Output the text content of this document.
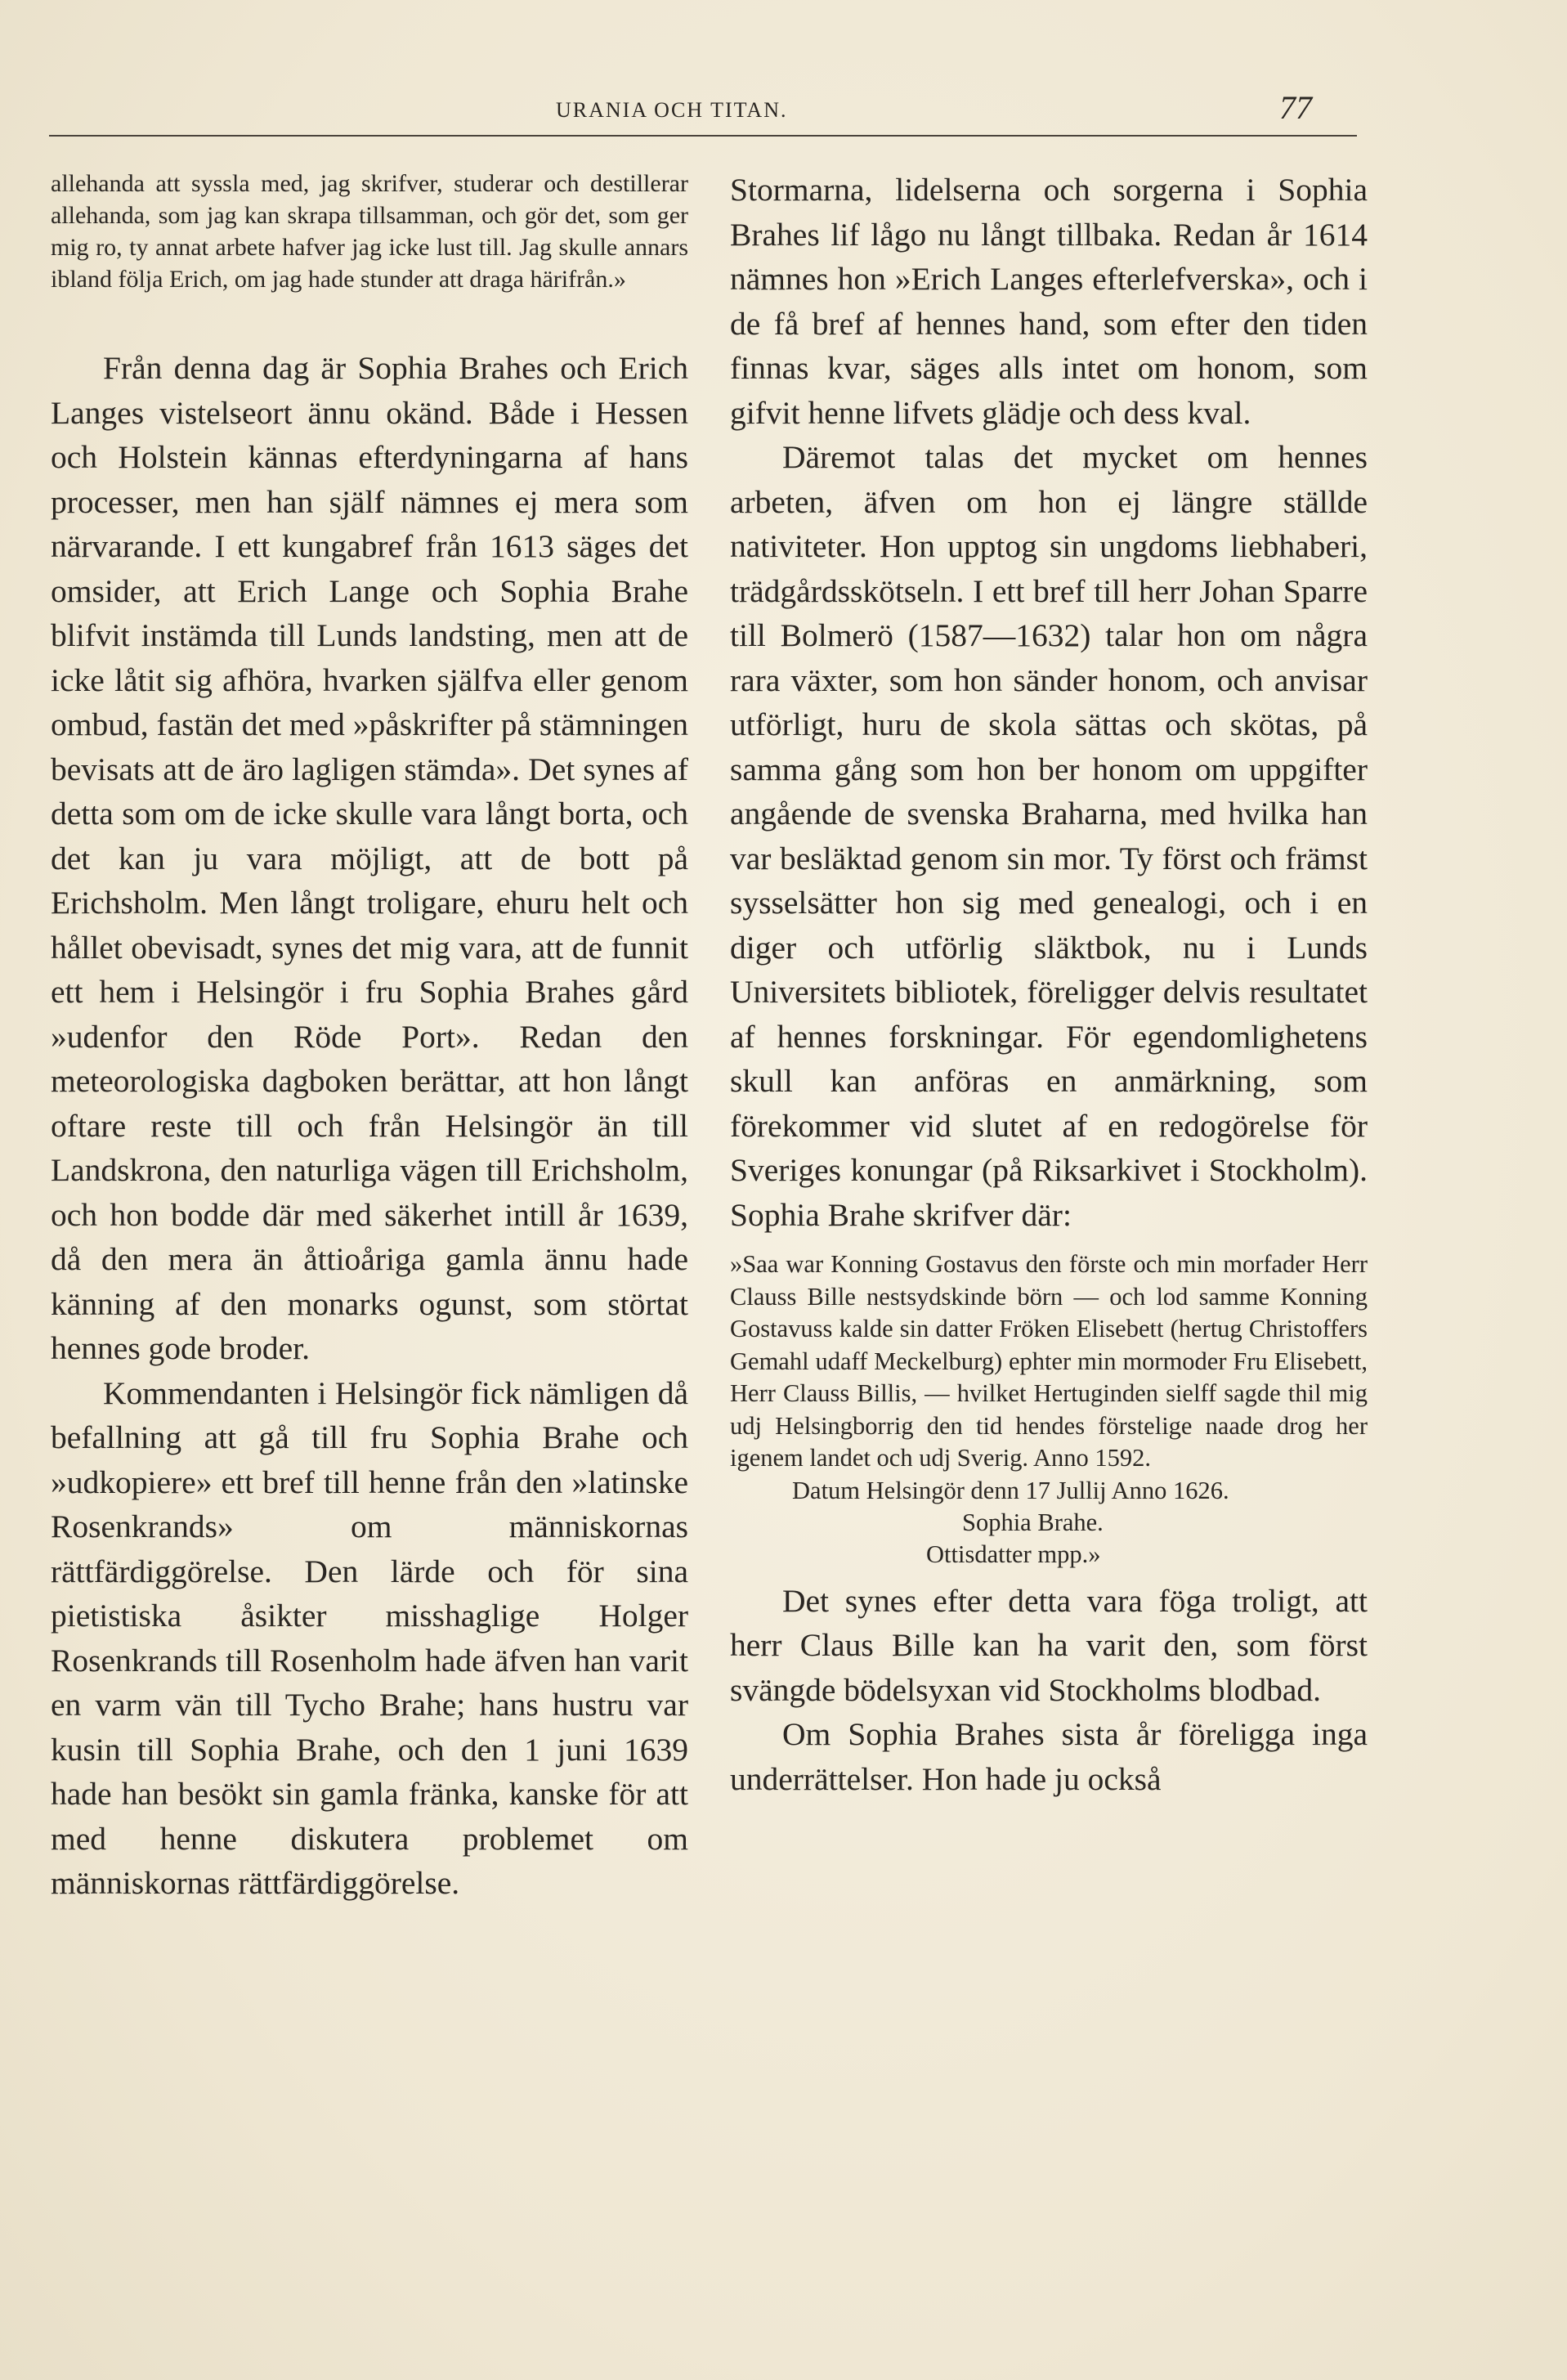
URANIA OCH TITAN.	77

allehanda att syssla med, jag skrifver, studerar och destillerar allehanda, som jag kan skrapa tillsamman, och gör det, som ger mig ro, ty annat arbete hafver jag icke lust till. Jag skulle annars ibland följa Erich, om jag hade stunder att draga härifrån.»

Från denna dag är Sophia Brahes och Erich Langes vistelseort ännu okänd. Både i Hessen och Holstein kännas efterdyningarna af hans processer, men han själf nämnes ej mera som närvarande. I ett kungabref från 1613 säges det omsider, att Erich Lange och Sophia Brahe blifvit instämda till Lunds landsting, men att de icke låtit sig afhöra, hvarken själfva eller genom ombud, fastän det med »påskrifter på stämningen bevisats att de äro lagligen stämda». Det synes af detta som om de icke skulle vara långt borta, och det kan ju vara möjligt, att de bott på Erichsholm. Men långt troligare, ehuru helt och hållet obevisadt, synes det mig vara, att de funnit ett hem i Helsingör i fru Sophia Brahes gård »udenfor den Röde Port». Redan den meteorologiska dagboken berättar, att hon långt oftare reste till och från Helsingör än till Landskrona, den naturliga vägen till Erichsholm, och hon bodde där med säkerhet intill år 1639, då den mera än åttioåriga gamla ännu hade känning af den monarks ogunst, som störtat hennes gode broder.

Kommendanten i Helsingör fick nämligen då befallning att gå till fru Sophia Brahe och »udkopiere» ett bref till henne från den »latinske Rosenkrands» om människornas rättfärdiggörelse. Den lärde och för sina pietistiska åsikter misshaglige Holger Rosenkrands till Rosenholm hade äfven han varit en varm vän till Tycho Brahe; hans hustru var kusin till Sophia Brahe, och den 1 juni 1639 hade han besökt sin gamla fränka, kanske för att med henne diskutera problemet om människornas rättfärdiggörelse.

Stormarna, lidelserna och sorgerna i Sophia Brahes lif lågo nu långt tillbaka. Redan år 1614 nämnes hon »Erich Langes efterlefverska», och i de få bref af hennes hand, som efter den tiden finnas kvar, säges alls intet om honom, som gifvit henne lifvets glädje och dess kval.

Däremot talas det mycket om hennes arbeten, äfven om hon ej längre ställde nativiteter. Hon upptog sin ungdoms liebhaberi, trädgårdsskötseln. I ett bref till herr Johan Sparre till Bolmerö (1587—1632) talar hon om några rara växter, som hon sänder honom, och anvisar utförligt, huru de skola sättas och skötas, på samma gång som hon ber honom om uppgifter angående de svenska Braharna, med hvilka han var besläktad genom sin mor. Ty först och främst sysselsätter hon sig med genealogi, och i en diger och utförlig släktbok, nu i Lunds Universitets bibliotek, föreligger delvis resultatet af hennes forskningar. För egendomlighetens skull kan anföras en anmärkning, som förekommer vid slutet af en redogörelse för Sveriges konungar (på Riksarkivet i Stockholm). Sophia Brahe skrifver där:

»Saa war Konning Gostavus den förste och min morfader Herr Clauss Bille nestsydskinde börn — och lod samme Konning Gostavuss kalde sin datter Fröken Elisebett (hertug Christoffers Gemahl udaff Meckelburg) ephter min mormoder Fru Elisebett, Herr Clauss Billis, — hvilket Hertuginden sielff sagde thil mig udj Helsingborrig den tid hendes förstelige naade drog her igenem landet och udj Sverig. Anno 1592.

Datum Helsingör denn 17 Jullij Anno 1626.
Sophia Brahe.
Ottisdatter mpp.»

Det synes efter detta vara föga troligt, att herr Claus Bille kan ha varit den, som först svängde bödelsyxan vid Stockholms blodbad.

Om Sophia Brahes sista år föreligga inga underrättelser. Hon hade ju också
